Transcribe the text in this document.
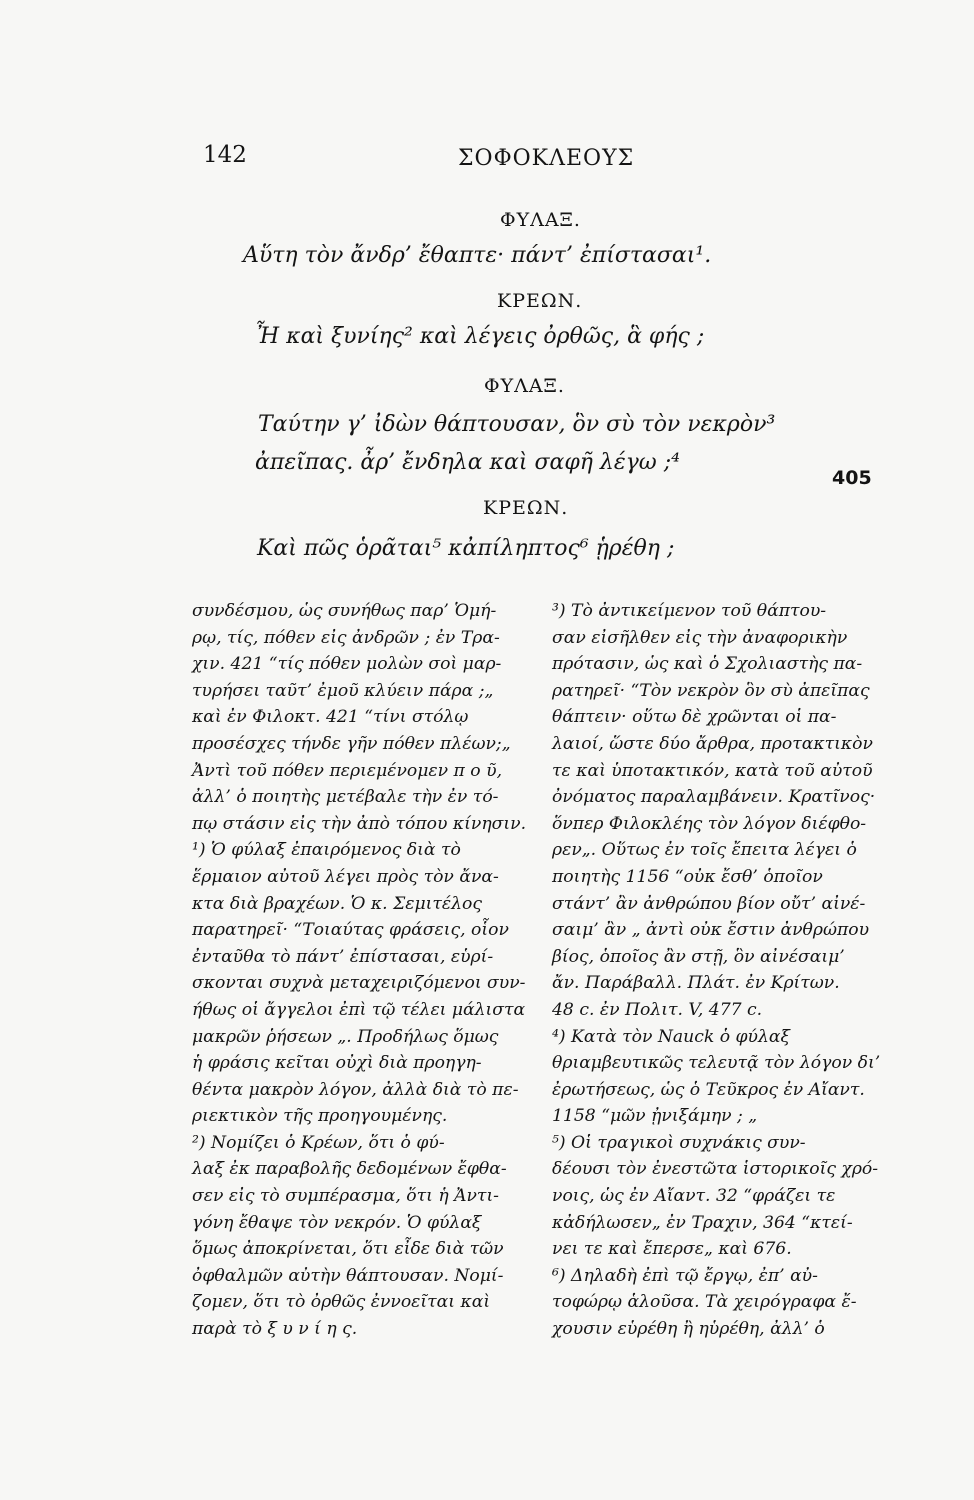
142	ΣΟΦΟΚΛΕΟΥΣ
ΦΥΛΑΞ.
Αὕτη τὸν ἄνδρ’ ἔθαπτε· πάντ’ ἐπίστασαι¹.
ΚΡΕΩΝ.
Ἦ καὶ ξυνίης² καὶ λέγεις ὀρθῶς, ἃ φής ;
ΦΥΛΑΞ.
Ταύτην γ’ ἰδὼν θάπτουσαν, ὃν σὺ τὸν νεκρὸν³
ἀπεῖπας. ἆρ’ ἔνδηλα καὶ σαφῆ λέγω ;⁴
405
ΚΡΕΩΝ.
Καὶ πῶς ὁρᾶται⁵ κἀπίληπτος⁶ ᾑρέθη ;

συνδέσμου, ὡς συνήθως παρ’ Ὁμή-

ρῳ, τίς, πόθεν εἰς ἀνδρῶν ; ἐν Τρα-

χιν. 421 “τίς πόθεν μολὼν σοὶ μαρ-

τυρήσει ταῦτ’ ἐμοῦ κλύειν πάρα ;„

καὶ ἐν Φιλοκτ. 421 “τίνι στόλῳ

προσέσχες τήνδε γῆν πόθεν πλέων;„

Ἀντὶ τοῦ πόθεν περιεμένομεν π ο ῦ,

ἀλλ’ ὁ ποιητὴς μετέβαλε τὴν ἐν τό-

πῳ στάσιν εἰς τὴν ἀπὸ τόπου κίνησιν.

¹) Ὁ φύλαξ ἐπαιρόμενος διὰ τὸ

ἕρμαιον αὐτοῦ λέγει πρὸς τὸν ἄνα-

κτα διὰ βραχέων. Ὁ κ. Σεμιτέλος

παρατηρεῖ· “Τοιαύτας φράσεις, οἷον

ἐνταῦθα τὸ πάντ’ ἐπίστασαι, εὑρί-

σκονται συχνὰ μεταχειριζόμενοι συν-

ήθως οἱ ἄγγελοι ἐπὶ τῷ τέλει μάλιστα

μακρῶν ῥήσεων „. Προδήλως ὅμως

ἡ φράσις κεῖται οὐχὶ διὰ προηγη-

θέντα μακρὸν λόγον, ἀλλὰ διὰ τὸ πε-

ριεκτικὸν τῆς προηγουμένης.

²) Νομίζει ὁ Κρέων, ὅτι ὁ φύ-

λαξ ἐκ παραβολῆς δεδομένων ἔφθα-

σεν εἰς τὸ συμπέρασμα, ὅτι ἡ Ἀντι-

γόνη ἔθαψε τὸν νεκρόν. Ὁ φύλαξ

ὅμως ἀποκρίνεται, ὅτι εἶδε διὰ τῶν

ὀφθαλμῶν αὐτὴν θάπτουσαν. Νομί-

ζομεν, ὅτι τὸ ὀρθῶς ἐννοεῖται καὶ

παρὰ τὸ ξ υ ν ί η ς.

³) Τὸ ἀντικείμενον τοῦ θάπτου-

σαν εἰσῆλθεν εἰς τὴν ἀναφορικὴν

πρότασιν, ὡς καὶ ὁ Σχολιαστὴς πα-

ρατηρεῖ· “Τὸν νεκρὸν ὃν σὺ ἀπεῖπας

θάπτειν· οὕτω δὲ χρῶνται οἱ πα-

λαιοί, ὥστε δύο ἄρθρα, προτακτικὸν

τε καὶ ὑποτακτικόν, κατὰ τοῦ αὐτοῦ

ὀνόματος παραλαμβάνειν. Κρατῖνος·

ὅνπερ Φιλοκλέης τὸν λόγον διέφθο-

ρεν„. Οὕτως ἐν τοῖς ἔπειτα λέγει ὁ

ποιητὴς 1156 “οὐκ ἔσθ’ ὁποῖον

στάντ’ ἂν ἀνθρώπου βίον οὔτ’ αἰνέ-

σαιμ’ ἂν „ ἀντὶ οὐκ ἔστιν ἀνθρώπου

βίος, ὁποῖος ἂν στῇ, ὃν αἰνέσαιμ’

ἄν. Παράβαλλ. Πλάτ. ἐν Κρίτων.

48 c. ἐν Πολιτ. V, 477 c.

⁴) Κατὰ τὸν Nauck ὁ φύλαξ

θριαμβευτικῶς τελευτᾷ τὸν λόγον δι’

ἐρωτήσεως, ὡς ὁ Τεῦκρος ἐν Αἴαντ.

1158 “μῶν ᾐνιξάμην ; „

⁵) Οἱ τραγικοὶ συχνάκις συν-

δέουσι τὸν ἐνεστῶτα ἱστορικοῖς χρό-

νοις, ὡς ἐν Αἴαντ. 32 “φράζει τε

κἀδήλωσεν„ ἐν Τραχιν, 364 “κτεί-

νει τε καὶ ἔπερσε„ καὶ 676.

⁶) Δηλαδὴ ἐπὶ τῷ ἔργῳ, ἐπ’ αὐ-

τοφώρῳ ἁλοῦσα. Τὰ χειρόγραφα ἔ-

χουσιν εὑρέθη ἢ ηὑρέθη, ἀλλ’ ὁ
